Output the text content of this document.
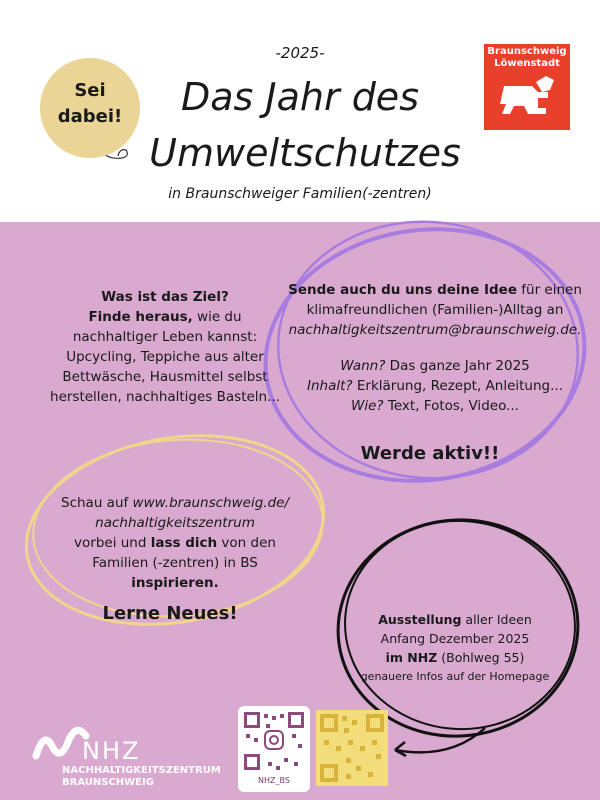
Sei
dabei!
-2025-
Das Jahr des
Umweltschutzes
in Braunschweiger Familien(-zentren)
Braunschweig
Löwenstadt
Was ist das Ziel?
Finde heraus, wie du
nachhaltiger Leben kannst:
Upcycling, Teppiche aus alter
Bettwäsche, Hausmittel selbst
herstellen, nachhaltiges Basteln...
Sende auch du uns deine Idee für einen
klimafreundlichen (Familien-)Alltag an
nachhaltigkeitszentrum@braunschweig.de.
Wann? Das ganze Jahr 2025
Inhalt? Erklärung, Rezept, Anleitung...
Wie? Text, Fotos, Video...
Werde aktiv!!
Schau auf www.braunschweig.de/
nachhaltigkeitszentrum
vorbei und lass dich von den
Familien (-zentren) in BS
inspirieren.
Lerne Neues!	Ausstellung aller Ideen
Anfang Dezember 2025
im NHZ (Bohlweg 55)
genauere Infos auf der Homepage
NHZ_BS
NHZ
NACHHALTIGKEITSZENTRUM
BRAUNSCHWEIG
